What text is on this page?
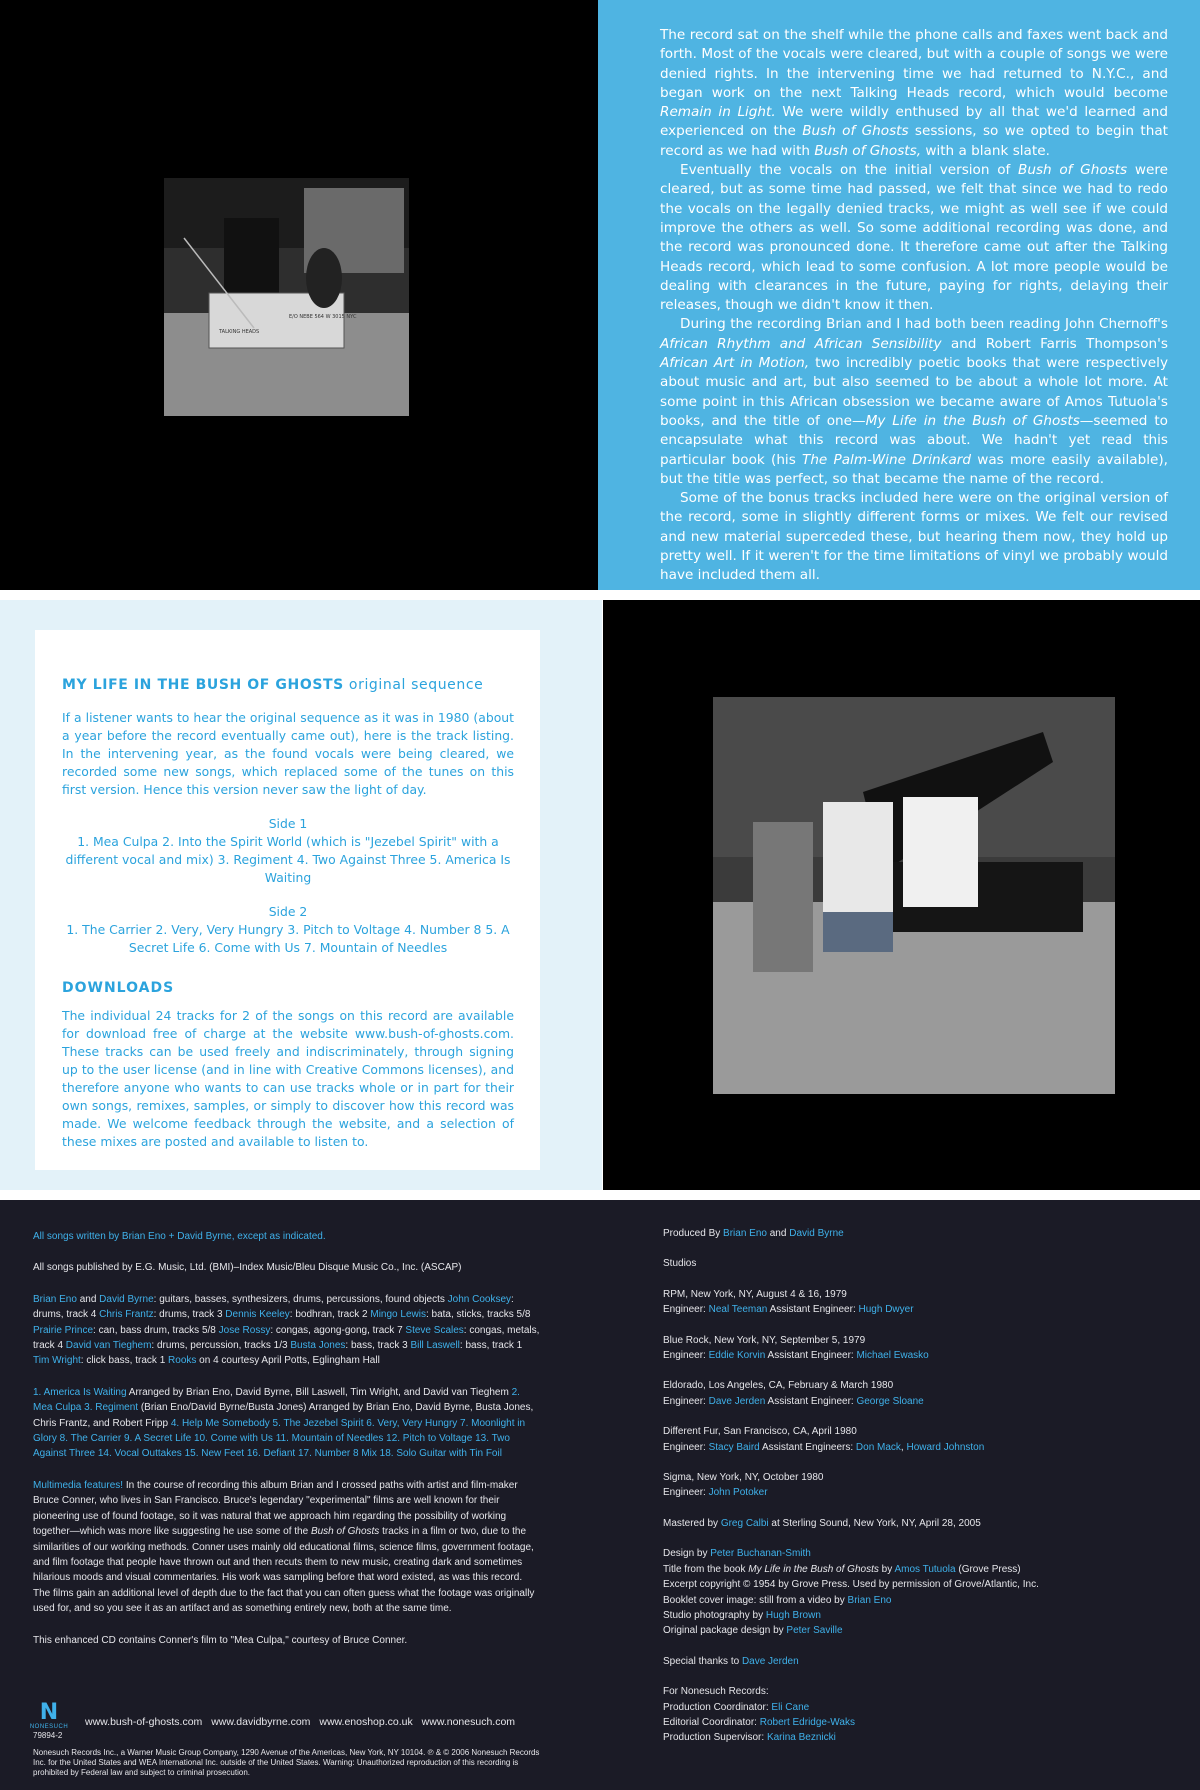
TALKING HEADS
E/O NEBE 564 W 3015 NYC

The record sat on the shelf while the phone calls and faxes went back and forth. Most of the vocals were cleared, but with a couple of songs we were denied rights. In the intervening time we had returned to N.Y.C., and began work on the next Talking Heads record, which would become Remain in Light. We were wildly enthused by all that we'd learned and experienced on the Bush of Ghosts sessions, so we opted to begin that record as we had with Bush of Ghosts, with a blank slate.

Eventually the vocals on the initial version of Bush of Ghosts were cleared, but as some time had passed, we felt that since we had to redo the vocals on the legally denied tracks, we might as well see if we could improve the others as well. So some additional recording was done, and the record was pronounced done. It therefore came out after the Talking Heads record, which lead to some confusion. A lot more people would be dealing with clearances in the future, paying for rights, delaying their releases, though we didn't know it then.

During the recording Brian and I had both been reading John Chernoff's African Rhythm and African Sensibility and Robert Farris Thompson's African Art in Motion, two incredibly poetic books that were respectively about music and art, but also seemed to be about a whole lot more. At some point in this African obsession we became aware of Amos Tutuola's books, and the title of one—My Life in the Bush of Ghosts—seemed to encapsulate what this record was about. We hadn't yet read this particular book (his The Palm-Wine Drinkard was more easily available), but the title was perfect, so that became the name of the record.

Some of the bonus tracks included here were on the original version of the record, some in slightly different forms or mixes. We felt our revised and new material superceded these, but hearing them now, they hold up pretty well. If it weren't for the time limitations of vinyl we probably would have included them all.

MY LIFE IN THE BUSH OF GHOSTS original sequence

If a listener wants to hear the original sequence as it was in 1980 (about a year before the record eventually came out), here is the track listing. In the intervening year, as the found vocals were being cleared, we recorded some new songs, which replaced some of the tunes on this first version. Hence this version never saw the light of day.

Side 1
1. Mea Culpa 2. Into the Spirit World (which is "Jezebel Spirit" with a different vocal and mix) 3. Regiment 4. Two Against Three 5. America Is Waiting
Side 2
1. The Carrier 2. Very, Very Hungry 3. Pitch to Voltage 4. Number 8 5. A Secret Life 6. Come with Us 7. Mountain of Needles
DOWNLOADS

The individual 24 tracks for 2 of the songs on this record are available for download free of charge at the website www.bush-of-ghosts.com. These tracks can be used freely and indiscriminately, through signing up to the user license (and in line with Creative Commons licenses), and therefore anyone who wants to can use tracks whole or in part for their own songs, remixes, samples, or simply to discover how this record was made. We welcome feedback through the website, and a selection of these mixes are posted and available to listen to.

All songs written by Brian Eno + David Byrne, except as indicated.

All songs published by E.G. Music, Ltd. (BMI)–Index Music/Bleu Disque Music Co., Inc. (ASCAP)

Brian Eno and David Byrne: guitars, basses, synthesizers, drums, percussions, found objects John Cooksey: drums, track 4 Chris Frantz: drums, track 3 Dennis Keeley: bodhran, track 2 Mingo Lewis: bata, sticks, tracks 5/8 Prairie Prince: can, bass drum, tracks 5/8 Jose Rossy: congas, agong-gong, track 7 Steve Scales: congas, metals, track 4 David van Tieghem: drums, percussion, tracks 1/3 Busta Jones: bass, track 3 Bill Laswell: bass, track 1 Tim Wright: click bass, track 1 Rooks on 4 courtesy April Potts, Eglingham Hall

1. America Is Waiting Arranged by Brian Eno, David Byrne, Bill Laswell, Tim Wright, and David van Tieghem 2. Mea Culpa 3. Regiment (Brian Eno/David Byrne/Busta Jones) Arranged by Brian Eno, David Byrne, Busta Jones, Chris Frantz, and Robert Fripp 4. Help Me Somebody 5. The Jezebel Spirit 6. Very, Very Hungry 7. Moonlight in Glory 8. The Carrier 9. A Secret Life 10. Come with Us 11. Mountain of Needles 12. Pitch to Voltage 13. Two Against Three 14. Vocal Outtakes 15. New Feet 16. Defiant 17. Number 8 Mix 18. Solo Guitar with Tin Foil

Multimedia features! In the course of recording this album Brian and I crossed paths with artist and film-maker Bruce Conner, who lives in San Francisco. Bruce's legendary "experimental" films are well known for their pioneering use of found footage, so it was natural that we approach him regarding the possibility of working together—which was more like suggesting he use some of the Bush of Ghosts tracks in a film or two, due to the similarities of our working methods. Conner uses mainly old educational films, science films, government footage, and film footage that people have thrown out and then recuts them to new music, creating dark and sometimes hilarious moods and visual commentaries. His work was sampling before that word existed, as was this record. The films gain an additional level of depth due to the fact that you can often guess what the footage was originally used for, and so you see it as an artifact and as something entirely new, both at the same time.

This enhanced CD contains Conner's film to "Mea Culpa," courtesy of Bruce Conner.

Produced By Brian Eno and David Byrne
Studios
RPM, New York, NY, August 4 & 16, 1979
Engineer: Neal Teeman Assistant Engineer: Hugh Dwyer
Blue Rock, New York, NY, September 5, 1979
Engineer: Eddie Korvin Assistant Engineer: Michael Ewasko
Eldorado, Los Angeles, CA, February & March 1980
Engineer: Dave Jerden Assistant Engineer: George Sloane
Different Fur, San Francisco, CA, April 1980
Engineer: Stacy Baird Assistant Engineers: Don Mack, Howard Johnston
Sigma, New York, NY, October 1980
Engineer: John Potoker
Mastered by Greg Calbi at Sterling Sound, New York, NY, April 28, 2005
Design by Peter Buchanan-Smith
Title from the book My Life in the Bush of Ghosts by Amos Tutuola (Grove Press)
Excerpt copyright © 1954 by Grove Press. Used by permission of Grove/Atlantic, Inc.
Booklet cover image: still from a video by Brian Eno
Studio photography by Hugh Brown
Original package design by Peter Saville
Special thanks to Dave Jerden
For Nonesuch Records:
Production Coordinator: Eli Cane
Editorial Coordinator: Robert Edridge-Waks
Production Supervisor: Karina Beznicki
N
NONESUCH	www.bush-of-ghosts.com www.davidbyrne.com www.enoshop.co.uk www.nonesuch.com
79894-2
Nonesuch Records Inc., a Warner Music Group Company, 1290 Avenue of the Americas, New York, NY 10104. ℗ & © 2006 Nonesuch Records Inc. for the United States and WEA International Inc. outside of the United States. Warning: Unauthorized reproduction of this recording is prohibited by Federal law and subject to criminal prosecution.
